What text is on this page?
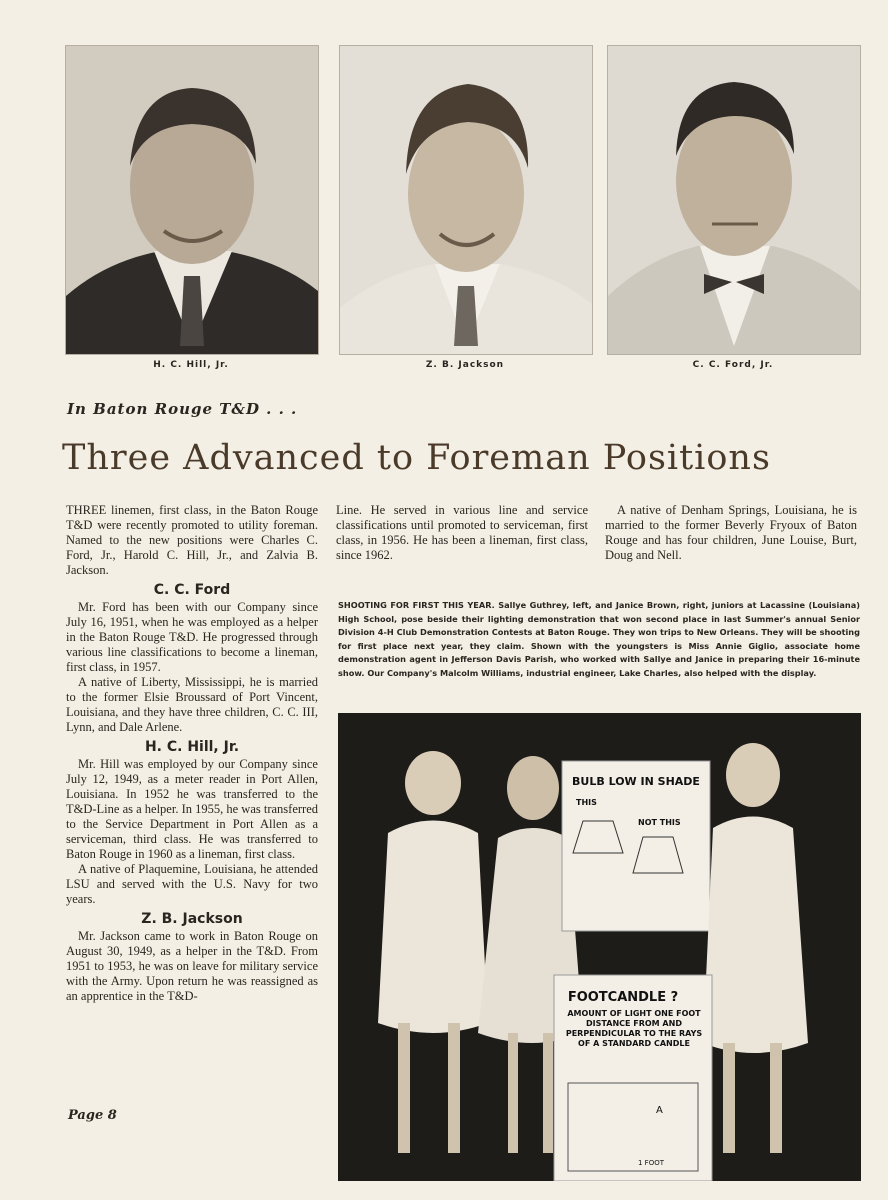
H. C. Hill, Jr.	Z. B. Jackson	C. C. Ford, Jr.
In Baton Rouge T&D . . .
Three Advanced to Foreman Positions

THREE linemen, first class, in the Baton Rouge T&D were recently promoted to utility foreman. Named to the new positions were Charles C. Ford, Jr., Harold C. Hill, Jr., and Zalvia B. Jackson.

C. C. Ford

Mr. Ford has been with our Company since July 16, 1951, when he was employed as a helper in the Baton Rouge T&D. He progressed through various line classifications to become a lineman, first class, in 1957.

A native of Liberty, Mississippi, he is married to the former Elsie Broussard of Port Vincent, Louisiana, and they have three children, C. C. III, Lynn, and Dale Arlene.

H. C. Hill, Jr.

Mr. Hill was employed by our Company since July 12, 1949, as a meter reader in Port Allen, Louisiana. In 1952 he was transferred to the T&D-Line as a helper. In 1955, he was transferred to the Service Department in Port Allen as a serviceman, third class. He was transferred to Baton Rouge in 1960 as a lineman, first class.

A native of Plaquemine, Louisiana, he attended LSU and served with the U.S. Navy for two years.

Z. B. Jackson

Mr. Jackson came to work in Baton Rouge on August 30, 1949, as a helper in the T&D. From 1951 to 1953, he was on leave for military service with the Army. Upon return he was reassigned as an apprentice in the T&D-

Line. He served in various line and service classifications until promoted to serviceman, first class, in 1956. He has been a lineman, first class, since 1962.

A native of Denham Springs, Louisiana, he is married to the former Beverly Fryoux of Baton Rouge and has four children, June Louise, Burt, Doug and Nell.

SHOOTING FOR FIRST THIS YEAR. Sallye Guthrey, left, and Janice Brown, right, juniors at Lacassine (Louisiana) High School, pose beside their lighting demonstration that won second place in last Summer's annual Senior Division 4-H Club Demonstration Contests at Baton Rouge. They won trips to New Orleans. They will be shooting for first place next year, they claim. Shown with the youngsters is Miss Annie Giglio, associate home demonstration agent in Jefferson Davis Parish, who worked with Sallye and Janice in preparing their 16-minute show. Our Company's Malcolm Williams, industrial engineer, Lake Charles, also helped with the display.
BULB LOW IN SHADE
THIS
NOT THIS
FOOTCANDLE ?
AMOUNT OF LIGHT ONE FOOT DISTANCE FROM AND PERPENDICULAR TO THE RAYS OF A STANDARD CANDLE
A
1 FOOT
Page 8
